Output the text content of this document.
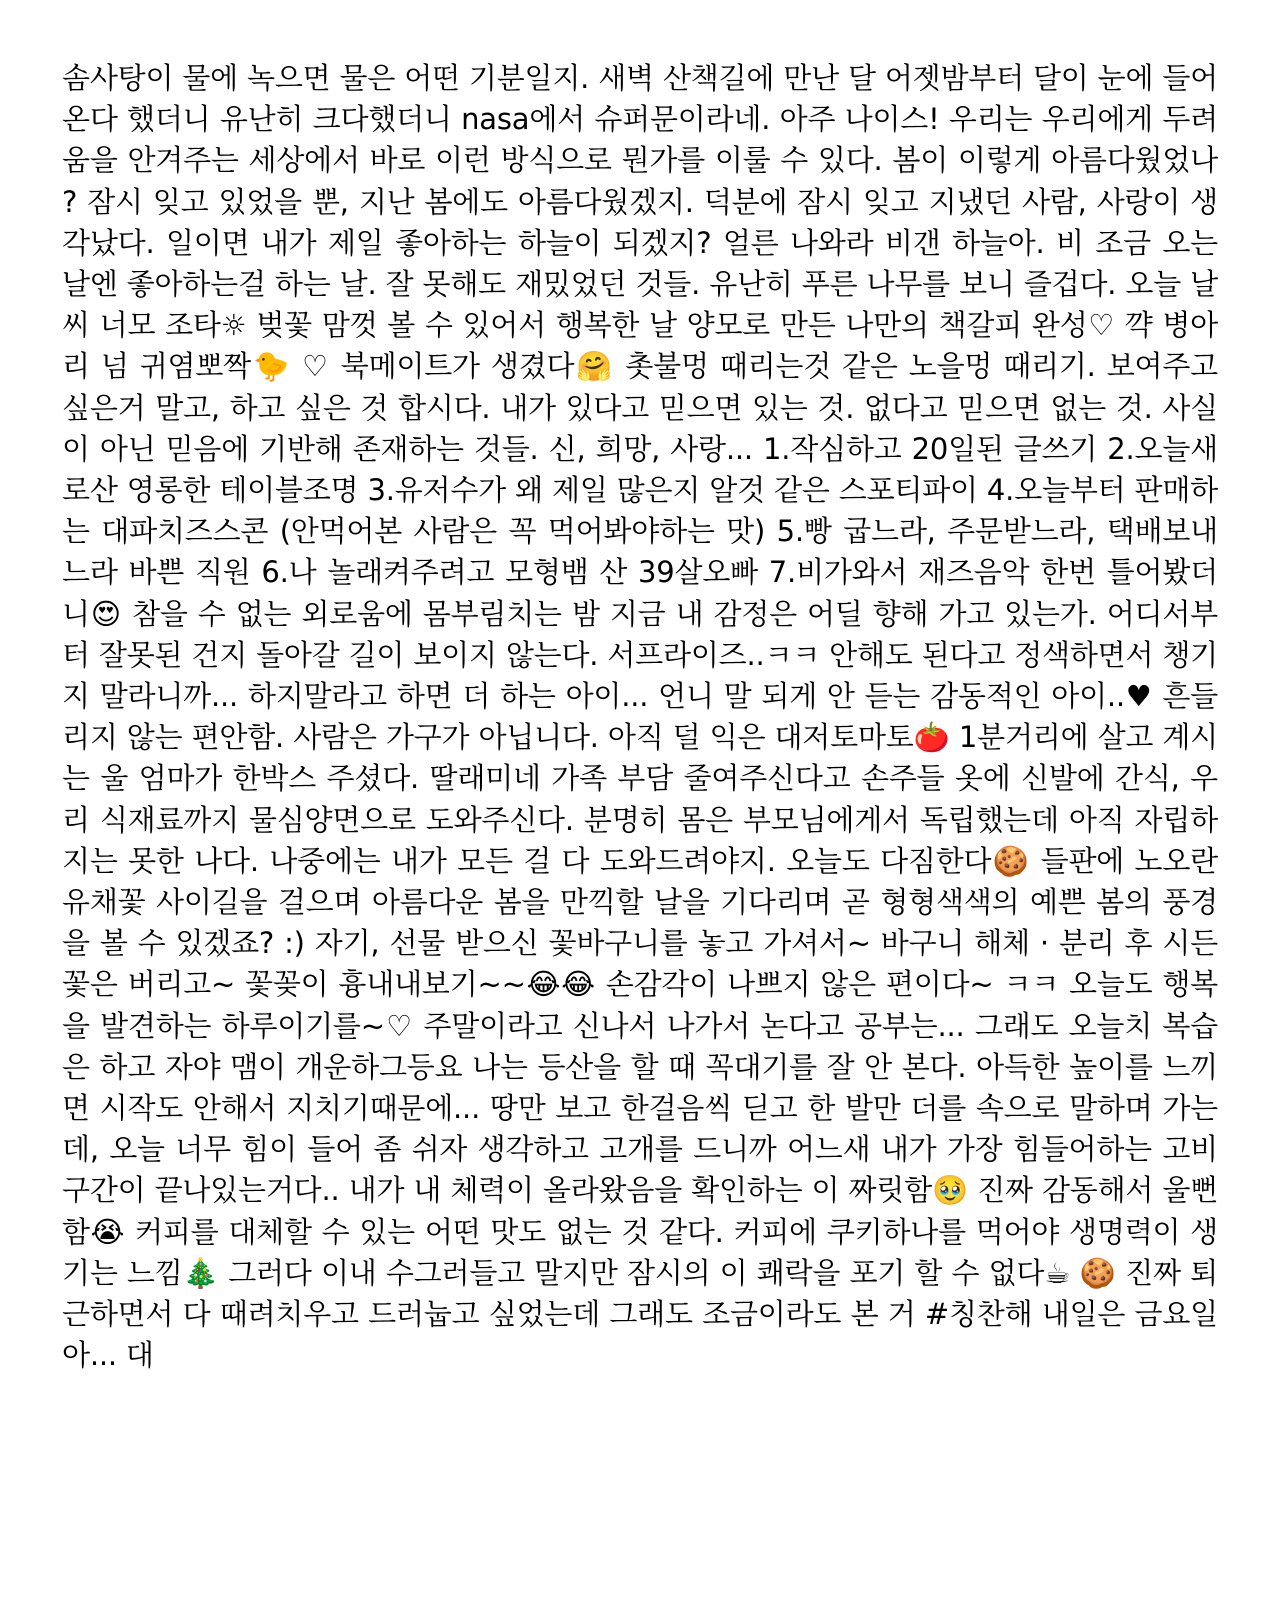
솜사탕이 물에 녹으면 물은 어떤 기분일지. 새벽 산책길에 만난 달 어젯밤부터 달이 눈에 들어온다 했더니 유난히 크다했더니 nasa에서 슈퍼문이라네. 아주 나이스! 우리는 우리에게 두려움을 안겨주는 세상에서 바로 이런 방식으로 뭔가를 이룰 수 있다. 봄이 이렇게 아름다웠었나? 잠시 잊고 있었을 뿐, 지난 봄에도 아름다웠겠지. 덕분에 잠시 잊고 지냈던 사람, 사랑이 생각났다. 일이면 내가 제일 좋아하는 하늘이 되겠지? 얼른 나와라 비갠 하늘아. 비 조금 오는 날엔 좋아하는걸 하는 날. 잘 못해도 재밌었던 것들. 유난히 푸른 나무를 보니 즐겁다. 오늘 날씨 너모 조타☼ 벚꽃 맘껏 볼 수 있어서 행복한 날 양모로 만든 나만의 책갈피 완성♡ 꺅 병아리 넘 귀염뽀짝🐤 ♡ 북메이트가 생겼다🤗 촛불멍 때리는것 같은 노을멍 때리기. 보여주고 싶은거 말고, 하고 싶은 것 합시다. 내가 있다고 믿으면 있는 것. 없다고 믿으면 없는 것. 사실이 아닌 믿음에 기반해 존재하는 것들. 신, 희망, 사랑... 1.작심하고 20일된 글쓰기 2.오늘새로산 영롱한 테이블조명 3.유저수가 왜 제일 많은지 알것 같은 스포티파이 4.오늘부터 판매하는 대파치즈스콘 (안먹어본 사람은 꼭 먹어봐야하는 맛) 5.빵 굽느라, 주문받느라, 택배보내느라 바쁜 직원 6.나 놀래켜주려고 모형뱀 산 39살오빠 7.비가와서 재즈음악 한번 틀어봤더니😍 참을 수 없는 외로움에 몸부림치는 밤 지금 내 감정은 어딜 향해 가고 있는가. 어디서부터 잘못된 건지 돌아갈 길이 보이지 않는다. 서프라이즈..ㅋㅋ 안해도 된다고 정색하면서 챙기지 말라니까... 하지말라고 하면 더 하는 아이... 언니 말 되게 안 듣는 감동적인 아이..♥ 흔들리지 않는 편안함. 사람은 가구가 아닙니다. 아직 덜 익은 대저토마토🍅 1분거리에 살고 계시는 울 엄마가 한박스 주셨다. 딸래미네 가족 부담 줄여주신다고 손주들 옷에 신발에 간식, 우리 식재료까지 물심양면으로 도와주신다. 분명히 몸은 부모님에게서 독립했는데 아직 자립하지는 못한 나다. 나중에는 내가 모든 걸 다 도와드려야지. 오늘도 다짐한다🍪 들판에 노오란 유채꽃 사이길을 걸으며 아름다운 봄을 만끽할 날을 기다리며 곧 형형색색의 예쁜 봄의 풍경을 볼 수 있겠죠? :) 자기, 선물 받으신 꽃바구니를 놓고 가셔서~ 바구니 해체 · 분리 후 시든 꽃은 버리고~ 꽃꽂이 흉내내보기~~😂😂 손감각이 나쁘지 않은 편이다~ ㅋㅋ 오늘도 행복을 발견하는 하루이기를~♡ 주말이라고 신나서 나가서 논다고 공부는... 그래도 오늘치 복습은 하고 자야 맴이 개운하그등요 나는 등산을 할 때 꼭대기를 잘 안 본다. 아득한 높이를 느끼면 시작도 안해서 지치기때문에... 땅만 보고 한걸음씩 딛고 한 발만 더를 속으로 말하며 가는데, 오늘 너무 힘이 들어 좀 쉬자 생각하고 고개를 드니까 어느새 내가 가장 힘들어하는 고비구간이 끝나있는거다.. 내가 내 체력이 올라왔음을 확인하는 이 짜릿함🥹 진짜 감동해서 울뻔함😭 커피를 대체할 수 있는 어떤 맛도 없는 것 같다. 커피에 쿠키하나를 먹어야 생명력이 생기는 느낌🎄 그러다 이내 수그러들고 말지만 잠시의 이 쾌락을 포기 할 수 없다☕ 🍪 진짜 퇴근하면서 다 때려치우고 드러눕고 싶었는데 그래도 조금이라도 본 거 #칭찬해 내일은 금요일 아... 대
